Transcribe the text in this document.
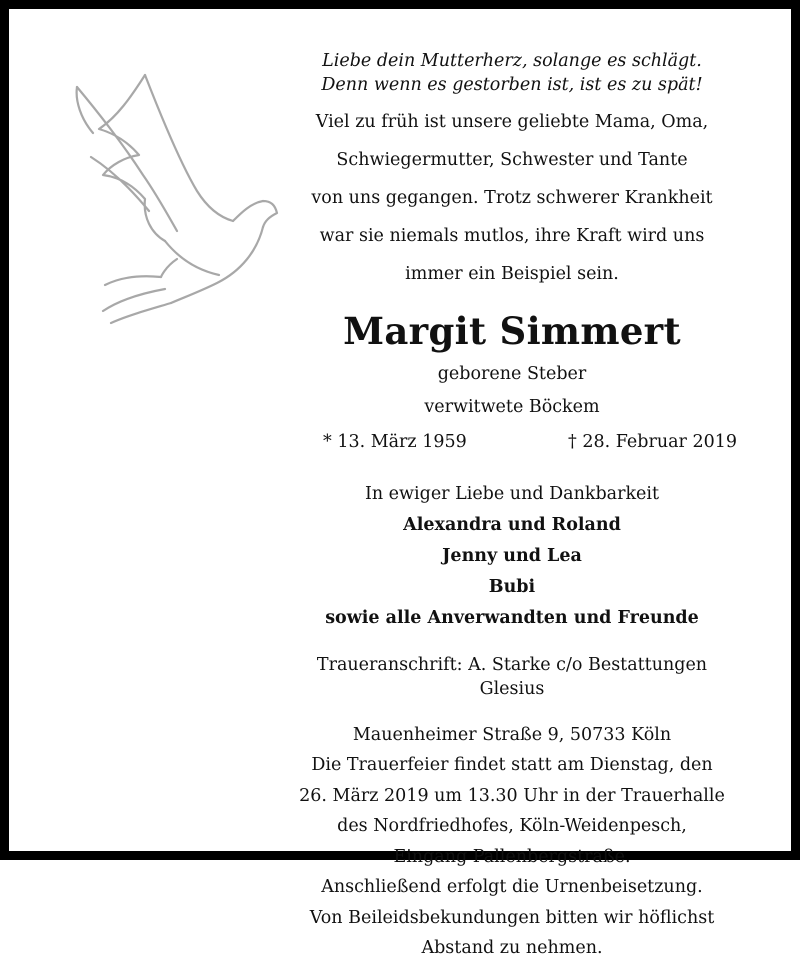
Liebe dein Mutterherz, solange es schlägt.

Denn wenn es gestorben ist, ist es zu spät!

Viel zu früh ist unsere geliebte Mama, Oma,

Schwiegermutter, Schwester und Tante

von uns gegangen. Trotz schwerer Krankheit

war sie niemals mutlos, ihre Kraft wird uns

immer ein Beispiel sein.

Margit Simmert

geborene Steber

verwitwete Böckem

* 13. März 1959	† 28. Februar 2019

In ewiger Liebe und Dankbarkeit

Alexandra und Roland

Jenny und Lea

Bubi

sowie alle Anverwandten und Freunde

Traueranschrift: A. Starke c/o Bestattungen Glesius

Mauenheimer Straße 9, 50733 Köln

Die Trauerfeier findet statt am Dienstag, den

26. März 2019 um 13.30 Uhr in der Trauerhalle

des Nordfriedhofes, Köln-Weidenpesch,

Eingang Pallenbergstraße.

Anschließend erfolgt die Urnenbeisetzung.

Von Beileidsbekundungen bitten wir höflichst

Abstand zu nehmen.
